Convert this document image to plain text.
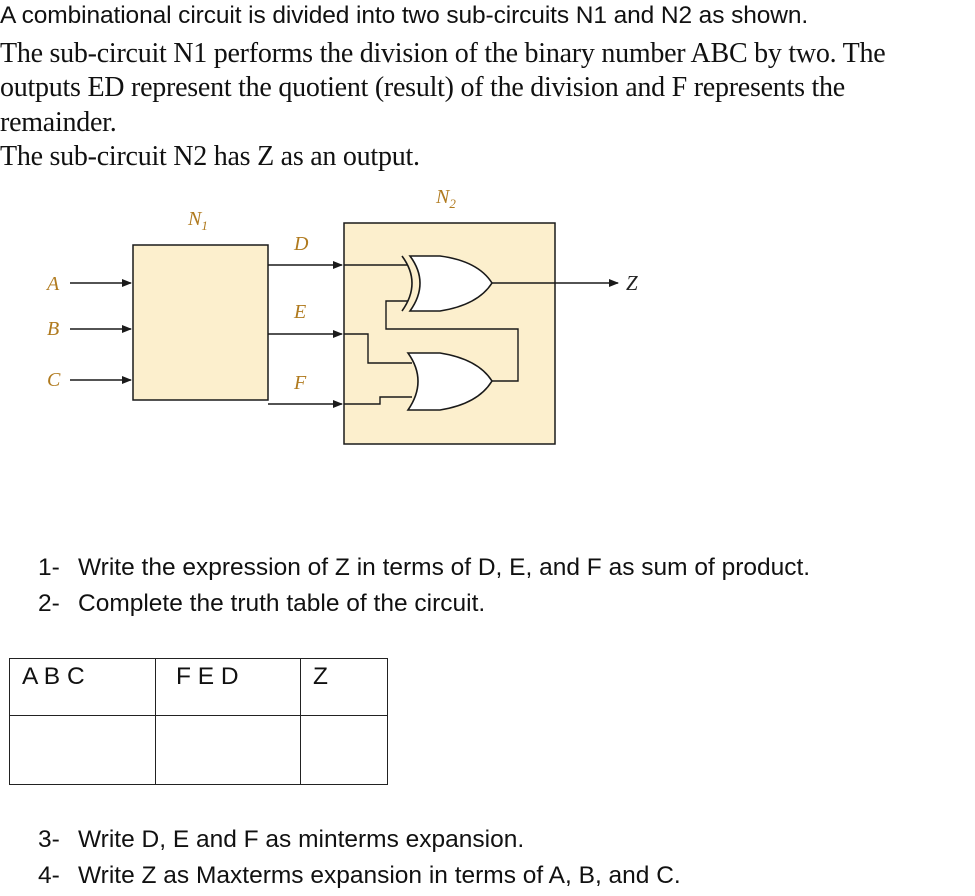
A combinational circuit is divided into two sub-circuits N1 and N2 as shown.
The sub-circuit N1 performs the division of the binary number ABC by two. The
outputs ED represent the quotient (result) of the division and F represents the
remainder.
The sub-circuit N2 has Z as an output.
$N_1$
$N_2$
A
B
C
D
E
F
Z
1- Write the expression of Z in terms of D, E, and F as sum of product.
2- Complete the truth table of the circuit.
A B C	F E D	Z

3- Write D, E and F as minterms expansion.
4- Write Z as Maxterms expansion in terms of A, B, and C.
